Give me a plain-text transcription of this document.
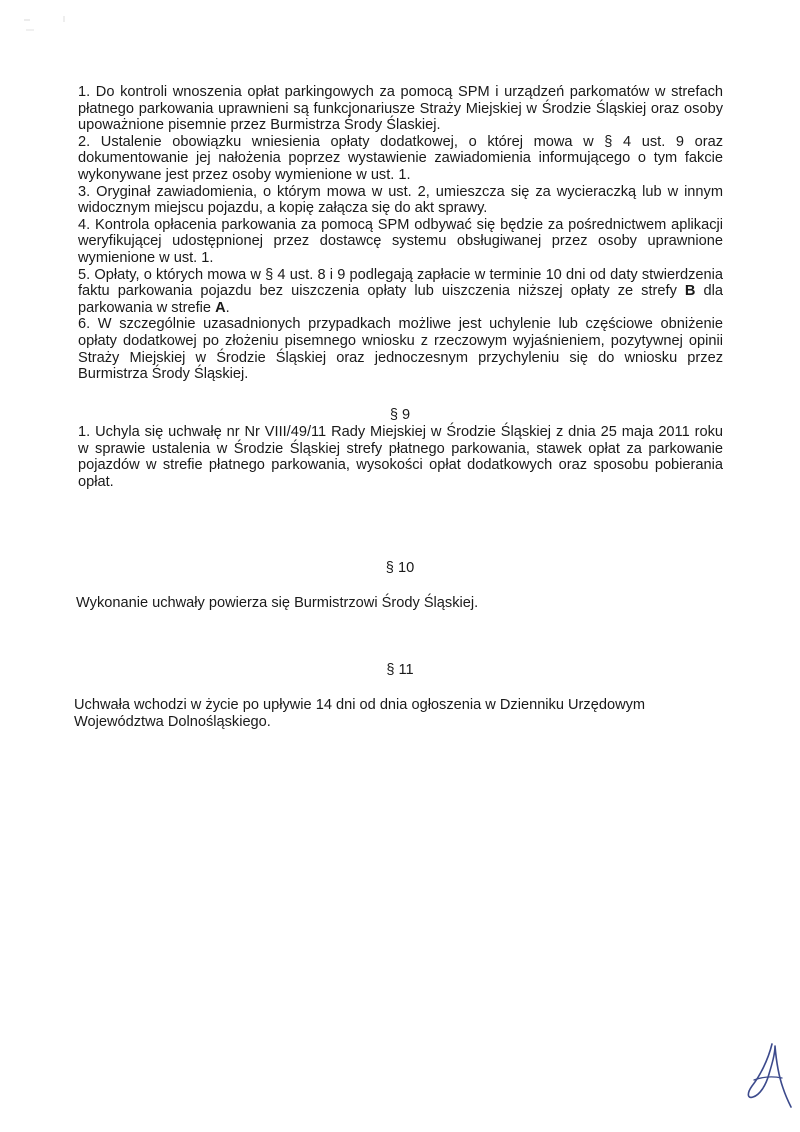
1. Do kontroli wnoszenia opłat parkingowych za pomocą SPM i urządzeń parkomatów w strefach płatnego parkowania uprawnieni są funkcjonariusze Straży Miejskiej w Środzie Śląskiej oraz osoby upoważnione pisemnie przez Burmistrza Środy Ślaskiej.

2. Ustalenie obowiązku wniesienia opłaty dodatkowej, o której mowa w § 4 ust. 9 oraz dokumentowanie jej nałożenia poprzez wystawienie zawiadomienia informującego o tym fakcie wykonywane jest przez osoby wymienione w ust. 1.

3. Oryginał zawiadomienia, o którym mowa w ust. 2, umieszcza się za wycieraczką lub w innym widocznym miejscu pojazdu, a kopię załącza się do akt sprawy.

4. Kontrola opłacenia parkowania za pomocą SPM odbywać się będzie za pośrednictwem aplikacji weryfikującej udostępnionej przez dostawcę systemu obsługiwanej przez osoby uprawnione wymienione w ust. 1.

5. Opłaty, o których mowa w § 4 ust. 8 i 9 podlegają zapłacie w terminie 10 dni od daty stwierdzenia faktu parkowania pojazdu bez uiszczenia opłaty lub uiszczenia niższej opłaty ze strefy B dla parkowania w strefie A.

6. W szczególnie uzasadnionych przypadkach możliwe jest uchylenie lub częściowe obniżenie opłaty dodatkowej po złożeniu pisemnego wniosku z rzeczowym wyjaśnieniem, pozytywnej opinii Straży Miejskiej w Środzie Śląskiej oraz jednoczesnym przychyleniu się do wniosku przez Burmistrza Środy Śląskiej.

§ 9

1. Uchyla się uchwałę nr Nr VIII/49/11 Rady Miejskiej w Środzie Śląskiej z dnia 25 maja 2011 roku w sprawie ustalenia w Środzie Śląskiej strefy płatnego parkowania, stawek opłat za parkowanie pojazdów w strefie płatnego parkowania, wysokości opłat dodatkowych oraz sposobu pobierania opłat.

§ 10
Wykonanie uchwały powierza się Burmistrzowi Środy Śląskiej.
§ 11
Uchwała wchodzi w życie po upływie 14 dni od dnia ogłoszenia w Dzienniku Urzędowym Województwa Dolnośląskiego.
